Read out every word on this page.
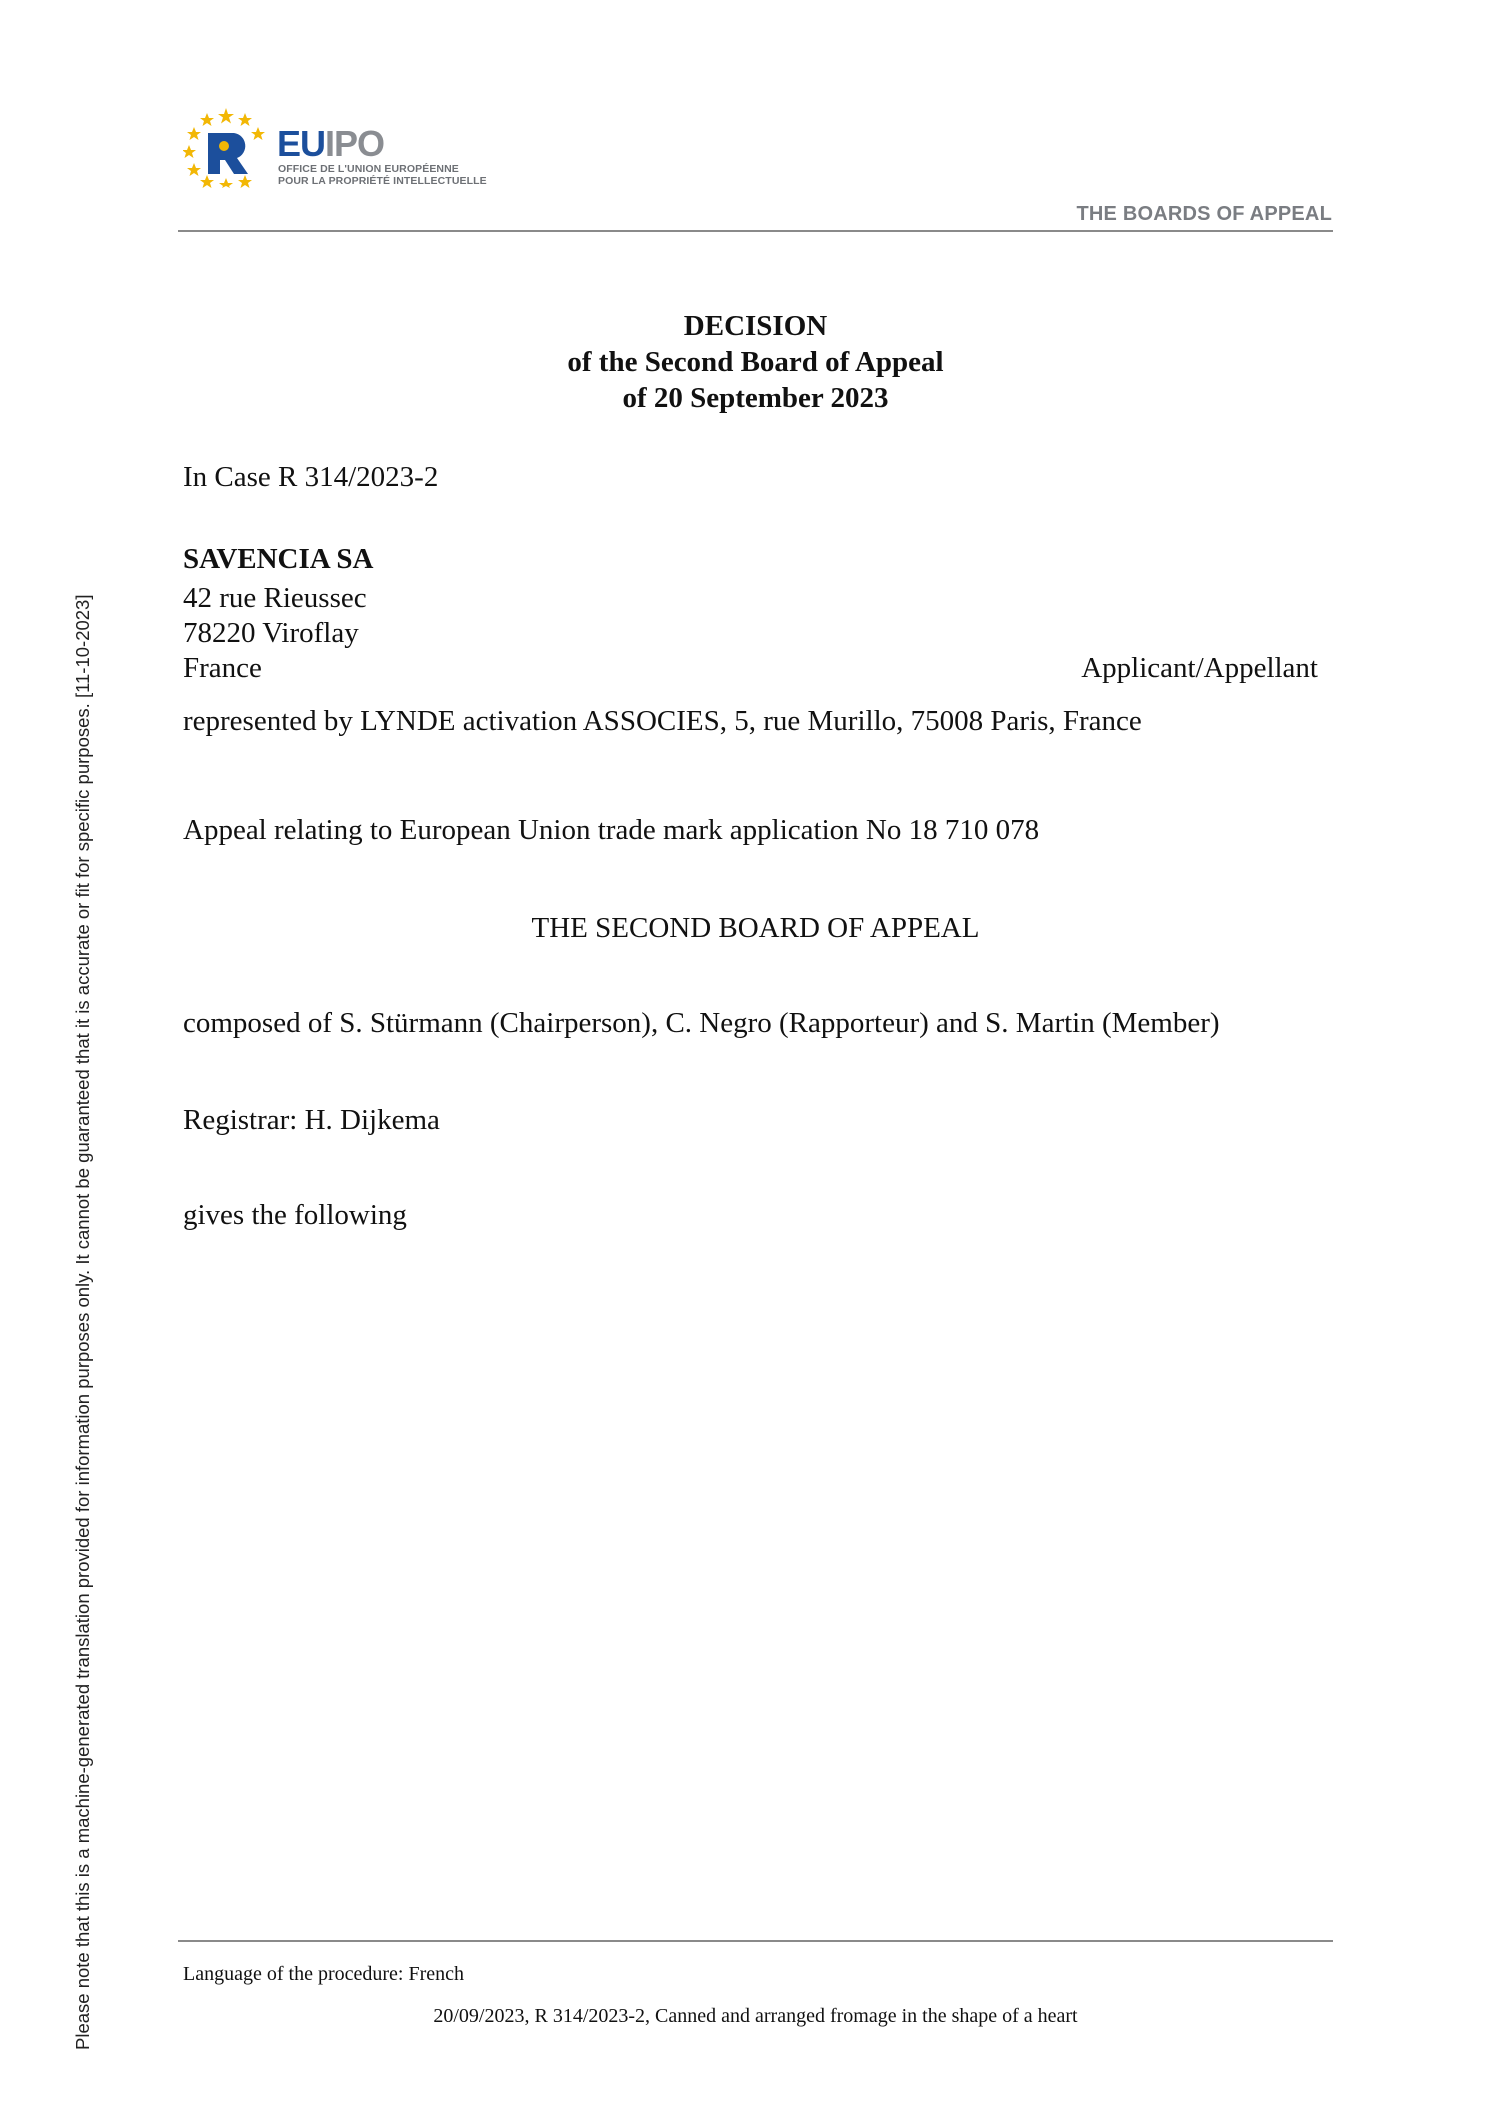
EUIPO
OFFICE DE L'UNION EUROPÉENNE
POUR LA PROPRIÉTÉ INTELLECTUELLE
THE BOARDS OF APPEAL
DECISION
of the Second Board of Appeal
of 20 September 2023
In Case R 314/2023-2
SAVENCIA SA
42 rue Rieussec
78220 Viroflay
France	Applicant/Appellant
represented by LYNDE activation ASSOCIES, 5, rue Murillo, 75008 Paris, France
Appeal relating to European Union trade mark application No 18 710 078
THE SECOND BOARD OF APPEAL
composed of S. Stürmann (Chairperson), C. Negro (Rapporteur) and S. Martin (Member)
Registrar: H. Dijkema
gives the following
Language of the procedure: French
20/09/2023, R 314/2023-2, Canned and arranged fromage in the shape of a heart
Please note that this is a machine-generated translation provided for information purposes only. It cannot be guaranteed that it is accurate or fit for specific purposes. [11-10-2023]
